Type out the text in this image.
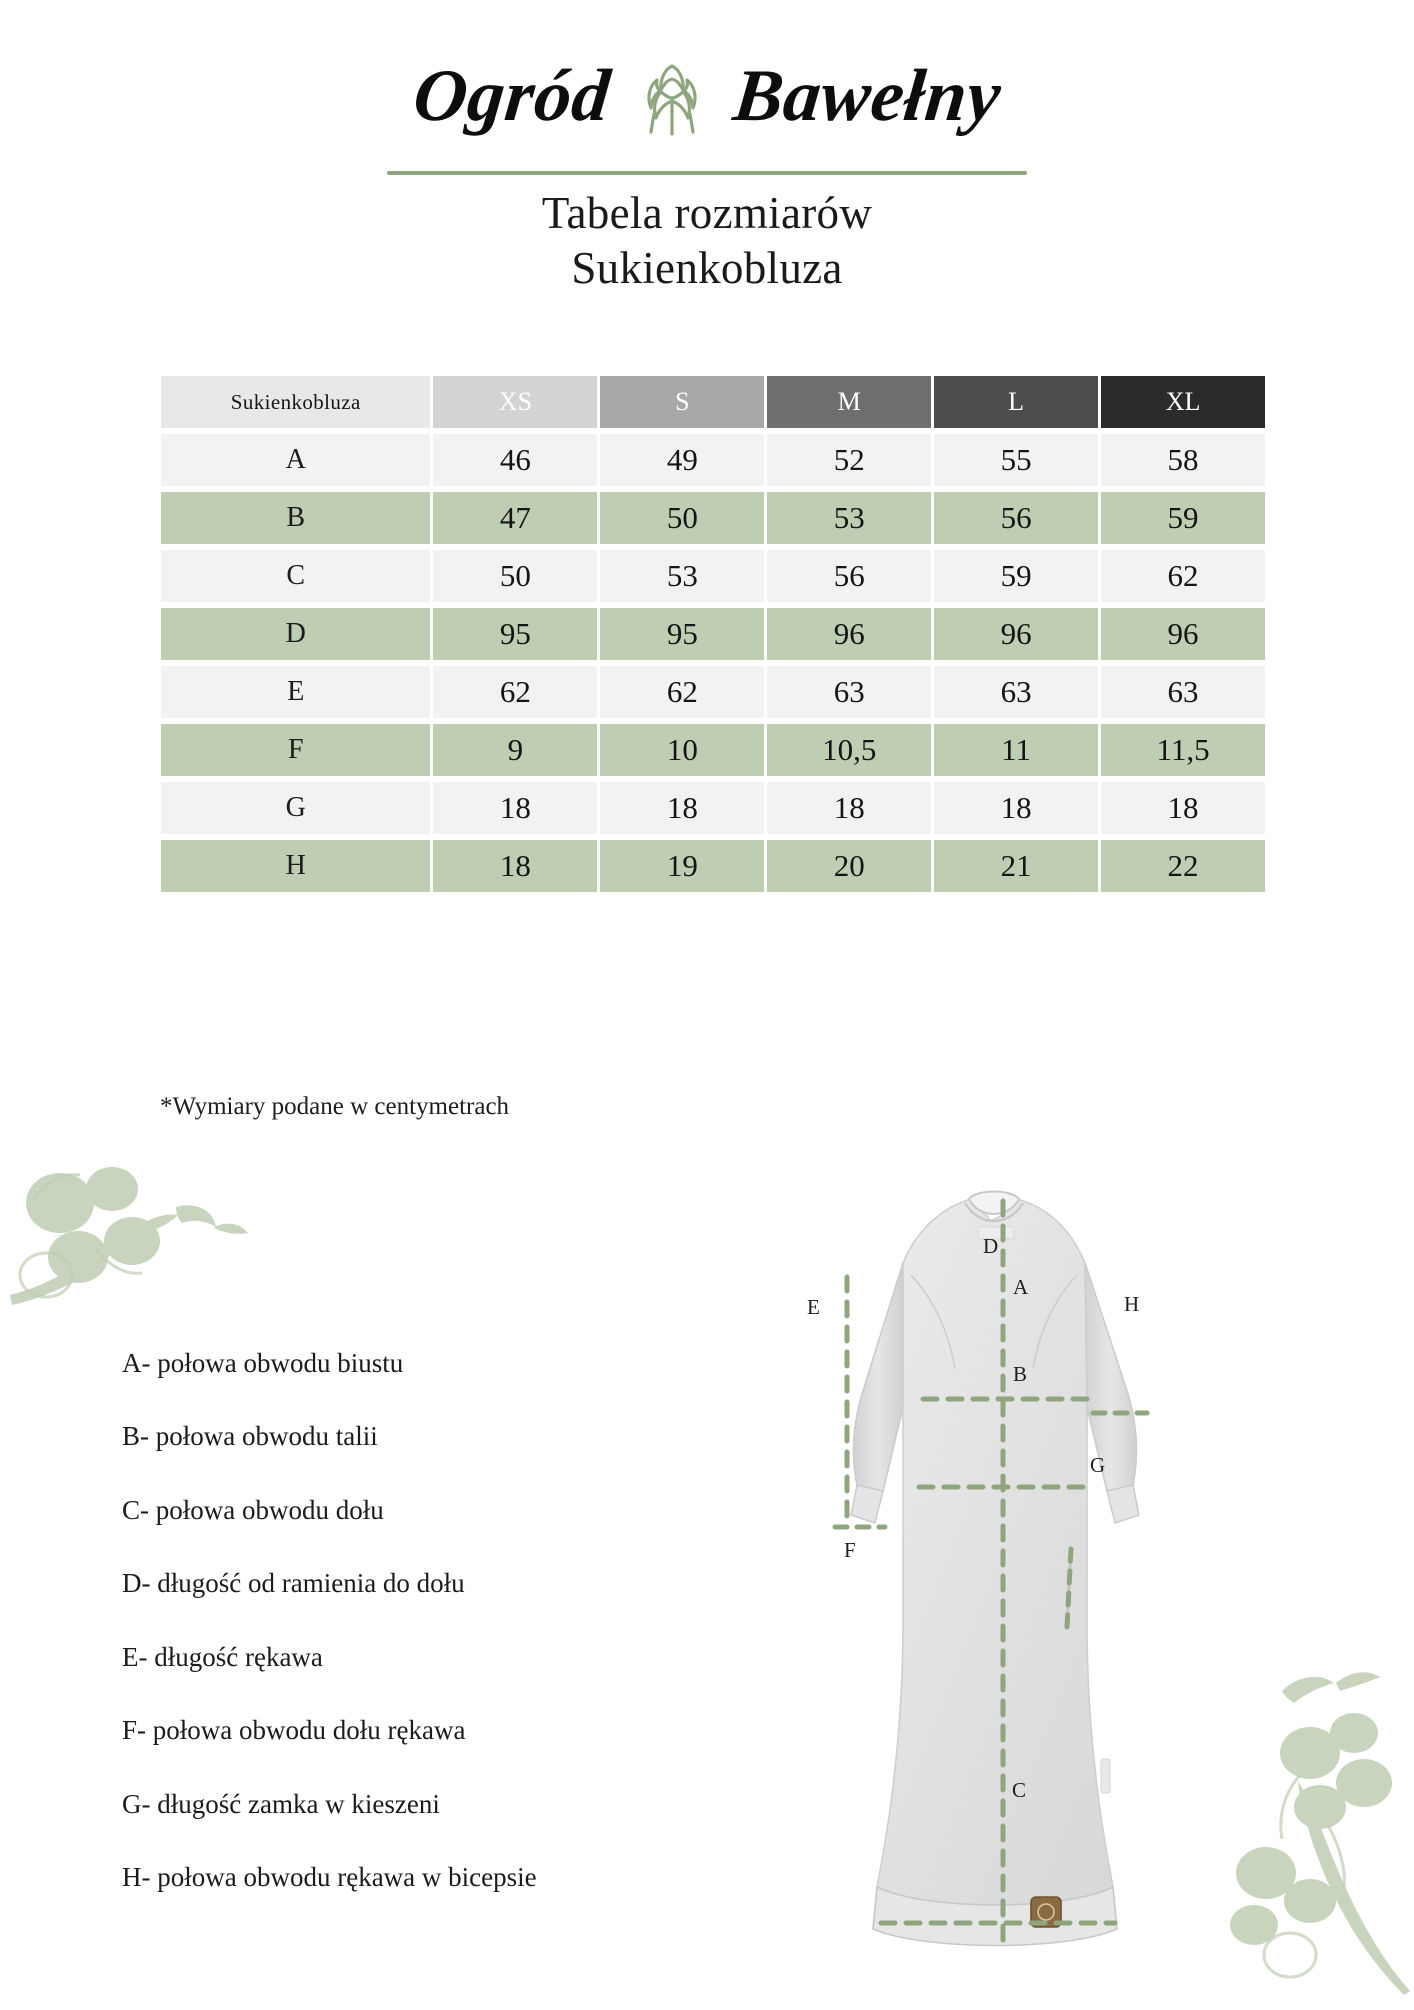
Ogród Bawełny
Tabela rozmiarów
Sukienkobluza
Sukienkobluza	XS	S	M	L	XL
A	46	49	52	55	58
B	47	50	53	56	59
C	50	53	56	59	62
D	95	95	96	96	96
E	62	62	63	63	63
F	9	10	10,5	11	11,5
G	18	18	18	18	18
H	18	19	20	21	22
*Wymiary podane w centymetrach
A- połowa obwodu biustu
B- połowa obwodu talii
C- połowa obwodu dołu
D- długość od ramienia do dołu
E- długość rękawa
F- połowa obwodu dołu rękawa
G- długość zamka w kieszeni
H- połowa obwodu rękawa w bicepsie
D
A
H
E
B
G
F
C
